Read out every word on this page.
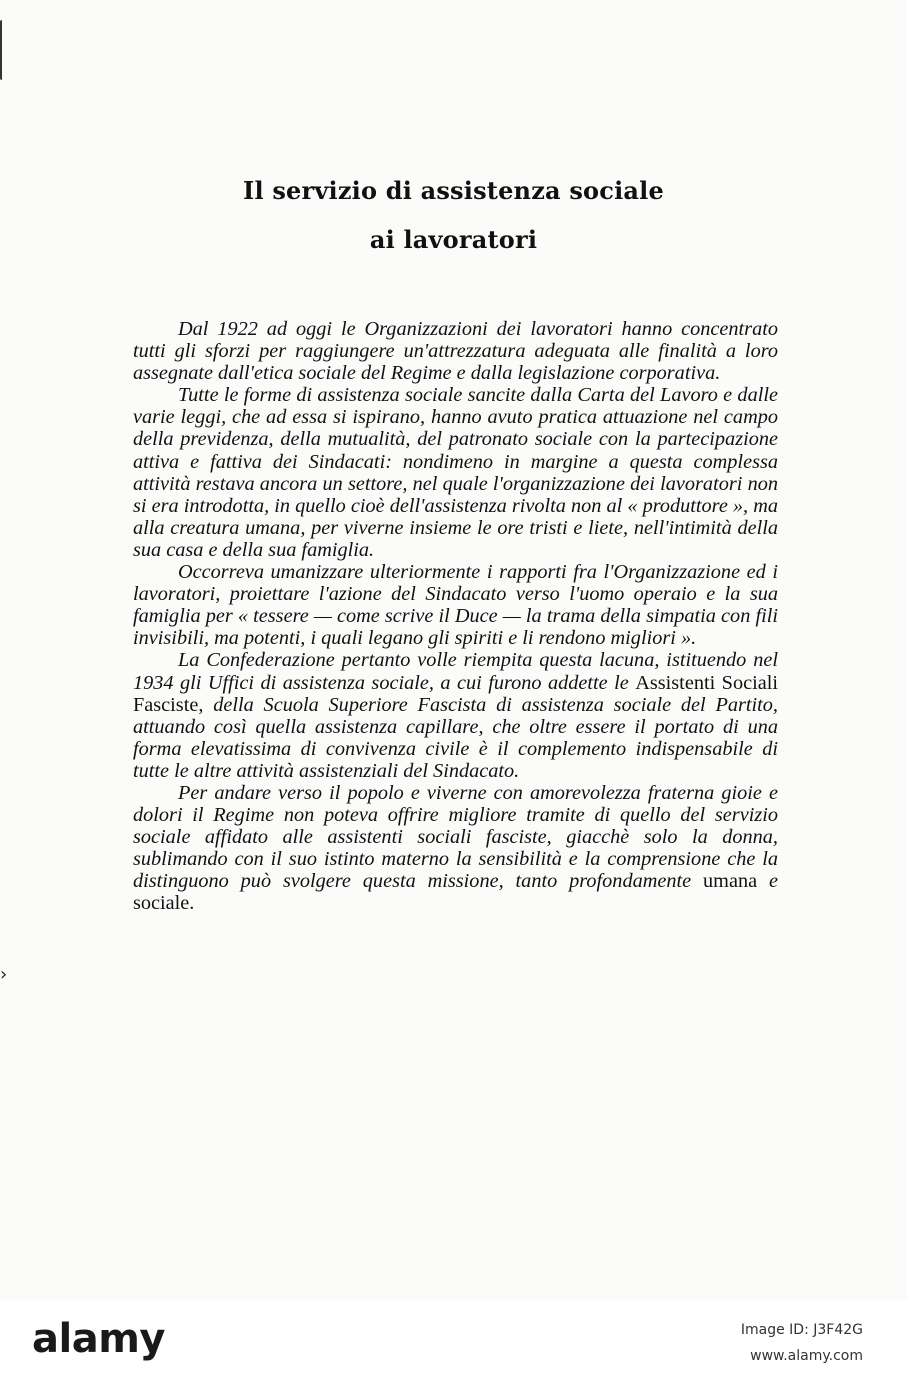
›
Il servizio di assistenza sociale
ai lavoratori

Dal 1922 ad oggi le Organizzazioni dei lavoratori hanno concentrato tutti gli sforzi per raggiungere un'attrezzatura adeguata alle finalità a loro assegnate dall'etica sociale del Regime e dalla legislazione corporativa.

Tutte le forme di assistenza sociale sancite dalla Carta del Lavoro e dalle varie leggi, che ad essa si ispirano, hanno avuto pratica attuazione nel campo della previdenza, della mutualità, del patronato sociale con la partecipazione attiva e fattiva dei Sindacati: nondimeno in margine a questa complessa attività restava ancora un settore, nel quale l'organizzazione dei lavoratori non si era introdotta, in quello cioè dell'assistenza rivolta non al « produttore », ma alla creatura umana, per viverne insieme le ore tristi e liete, nell'intimità della sua casa e della sua famiglia.

Occorreva umanizzare ulteriormente i rapporti fra l'Organizzazione ed i lavoratori, proiettare l'azione del Sindacato verso l'uomo operaio e la sua famiglia per « tessere — come scrive il Duce — la trama della simpatia con fili invisibili, ma potenti, i quali legano gli spiriti e li rendono migliori ».

La Confederazione pertanto volle riempita questa lacuna, istituendo nel 1934 gli Uffici di assistenza sociale, a cui furono addette le Assistenti Sociali Fasciste, della Scuola Superiore Fascista di assistenza sociale del Partito, attuando così quella assistenza capillare, che oltre essere il portato di una forma elevatissima di convivenza civile è il complemento indispensabile di tutte le altre attività assistenziali del Sindacato.

Per andare verso il popolo e viverne con amorevolezza fraterna gioie e dolori il Regime non poteva offrire migliore tramite di quello del servizio sociale affidato alle assistenti sociali fasciste, giacchè solo la donna, sublimando con il suo istinto materno la sensibilità e la comprensione che la distinguono può svolgere questa missione, tanto profondamente umana e sociale.

alamy	Image ID: J3F42G
www.alamy.com
